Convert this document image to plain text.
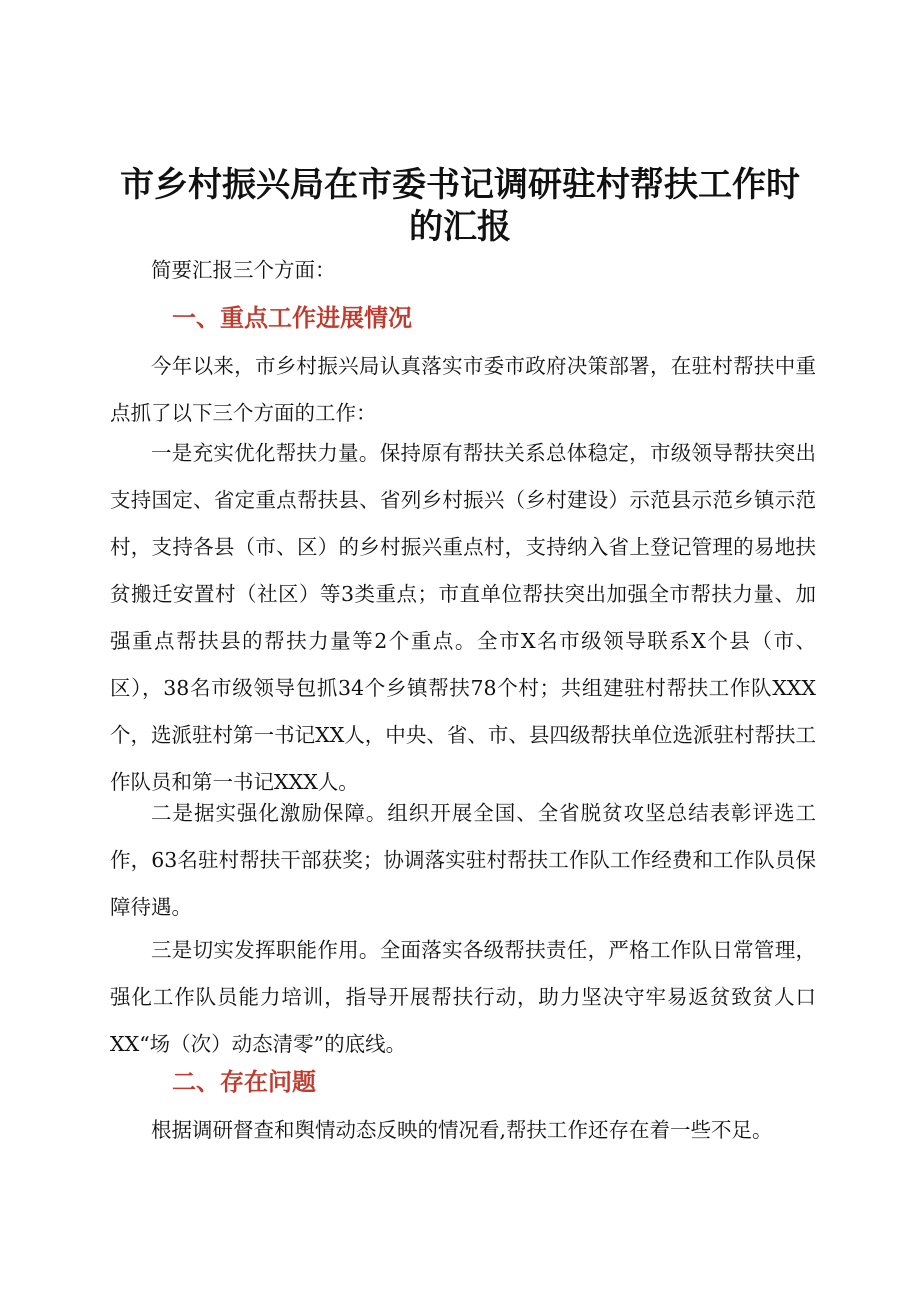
市乡村振兴局在市委书记调研驻村帮扶工作时
的汇报

简要汇报三个方面：

一、重点工作进展情况

今年以来，市乡村振兴局认真落实市委市政府决策部署，在驻村帮扶中重点抓了以下三个方面的工作：

一是充实优化帮扶力量。保持原有帮扶关系总体稳定，市级领导帮扶突出支持国定、省定重点帮扶县、省列乡村振兴（乡村建设）示范县示范乡镇示范村，支持各县（市、区）的乡村振兴重点村，支持纳入省上登记管理的易地扶贫搬迁安置村（社区）等3类重点；市直单位帮扶突出加强全市帮扶力量、加强重点帮扶县的帮扶力量等2个重点。全市X名市级领导联系X个县（市、区），38名市级领导包抓34个乡镇帮扶78个村；共组建驻村帮扶工作队XXX个，选派驻村第一书记XX人，中央、省、市、县四级帮扶单位选派驻村帮扶工作队员和第一书记XXX人。

二是据实强化激励保障。组织开展全国、全省脱贫攻坚总结表彰评选工作，63名驻村帮扶干部获奖；协调落实驻村帮扶工作队工作经费和工作队员保障待遇。

三是切实发挥职能作用。全面落实各级帮扶责任，严格工作队日常管理，强化工作队员能力培训，指导开展帮扶行动，助力坚决守牢易返贫致贫人口XX“场（次）动态清零”的底线。

二、存在问题

根据调研督查和舆情动态反映的情况看,帮扶工作还存在着一些不足。
